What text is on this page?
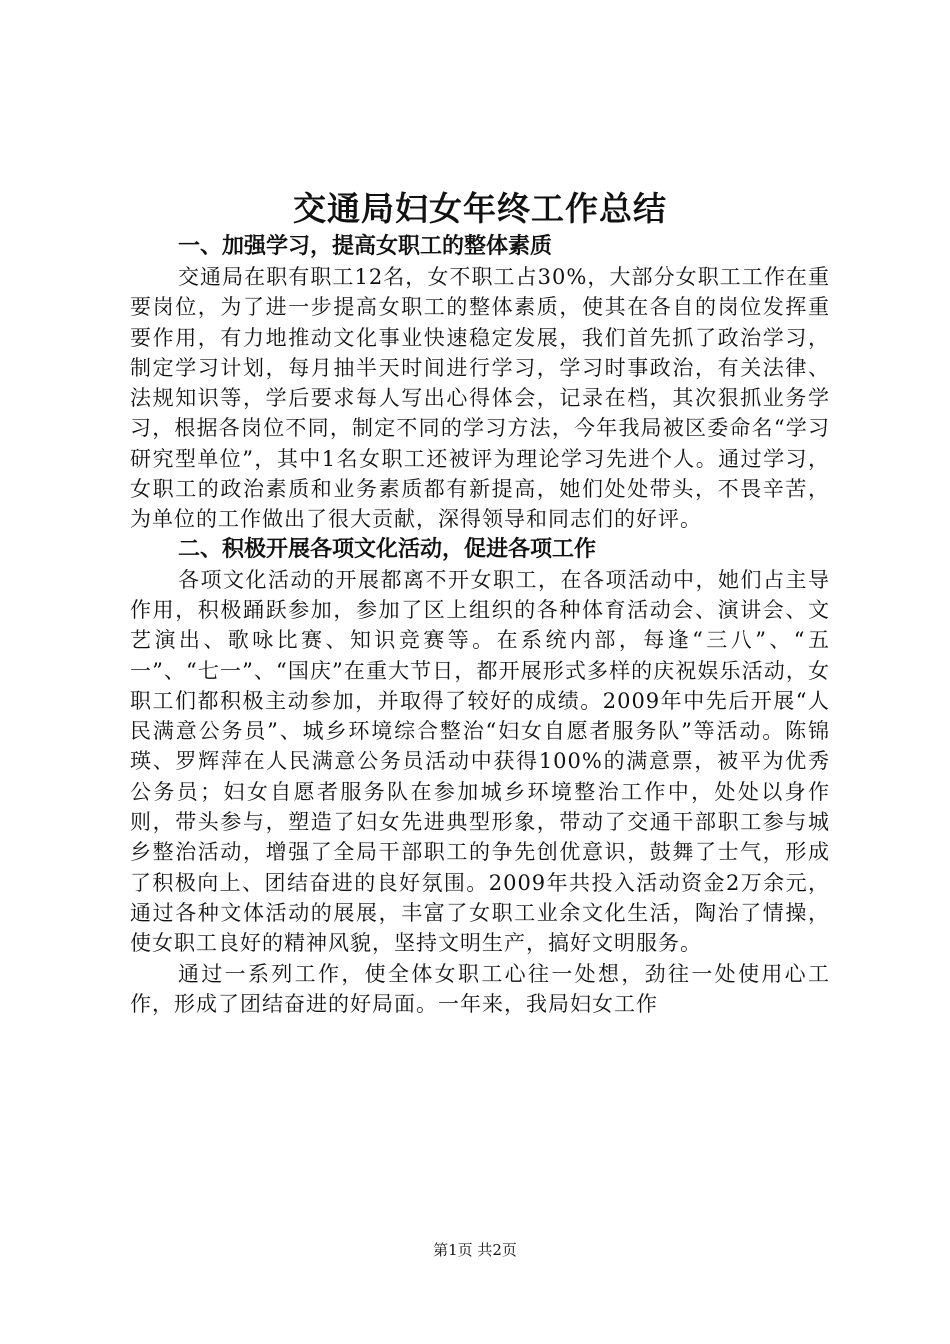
交通局妇女年终工作总结
一、加强学习，提高女职工的整体素质

交通局在职有职工12名，女不职工占30%，大部分女职工工作在重要岗位，为了进一步提高女职工的整体素质，使其在各自的岗位发挥重要作用，有力地推动文化事业快速稳定发展，我们首先抓了政治学习，制定学习计划，每月抽半天时间进行学习，学习时事政治，有关法律、法规知识等，学后要求每人写出心得体会，记录在档，其次狠抓业务学习，根据各岗位不同，制定不同的学习方法，今年我局被区委命名“学习研究型单位”，其中1名女职工还被评为理论学习先进个人。通过学习，女职工的政治素质和业务素质都有新提高，她们处处带头，不畏辛苦，为单位的工作做出了很大贡献，深得领导和同志们的好评。

二、积极开展各项文化活动，促进各项工作

各项文化活动的开展都离不开女职工，在各项活动中，她们占主导作用，积极踊跃参加，参加了区上组织的各种体育活动会、演讲会、文艺演出、歌咏比赛、知识竞赛等。在系统内部，每逢“三八”、“五一”、“七一”、“国庆”在重大节日，都开展形式多样的庆祝娱乐活动，女职工们都积极主动参加，并取得了较好的成绩。2009年中先后开展“人民满意公务员”、城乡环境综合整治“妇女自愿者服务队”等活动。陈锦瑛、罗辉萍在人民满意公务员活动中获得100%的满意票，被平为优秀公务员；妇女自愿者服务队在参加城乡环境整治工作中，处处以身作则，带头参与，塑造了妇女先进典型形象，带动了交通干部职工参与城乡整治活动，增强了全局干部职工的争先创优意识，鼓舞了士气，形成了积极向上、团结奋进的良好氛围。2009年共投入活动资金2万余元，通过各种文体活动的展展，丰富了女职工业余文化生活，陶治了情操，使女职工良好的精神风貌，坚持文明生产，搞好文明服务。

通过一系列工作，使全体女职工心往一处想，劲往一处使用心工作，形成了团结奋进的好局面。一年来，我局妇女工作

第1页 共2页
